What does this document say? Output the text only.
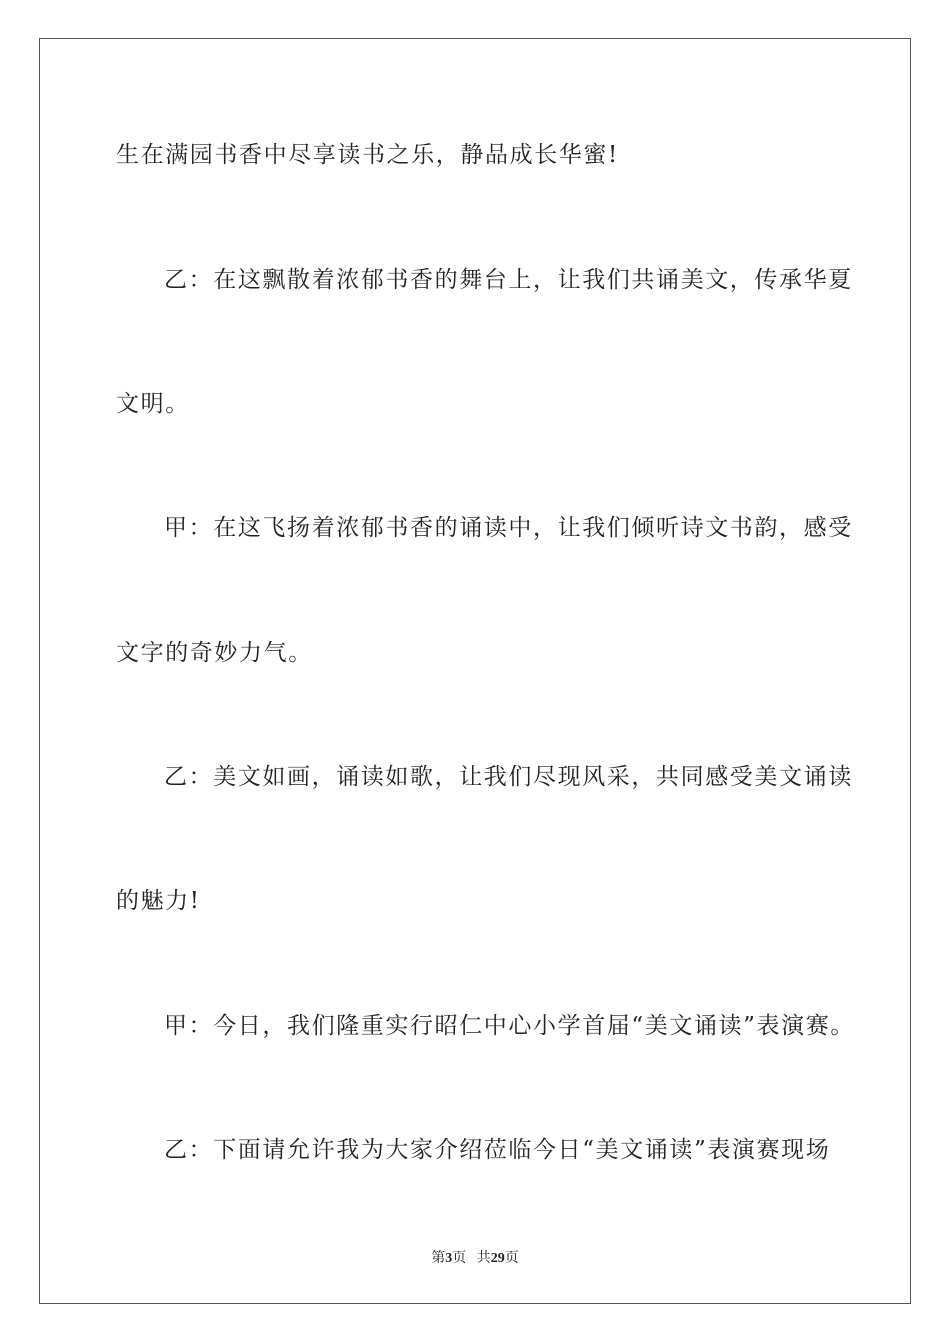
生在满园书香中尽享读书之乐，静品成长华蜜!
乙：在这飘散着浓郁书香的舞台上，让我们共诵美文，传承华夏
文明。
甲：在这飞扬着浓郁书香的诵读中，让我们倾听诗文书韵，感受
文字的奇妙力气。
乙：美文如画，诵读如歌，让我们尽现风采，共同感受美文诵读
的魅力!
甲：今日，我们隆重实行昭仁中心小学首届“美文诵读”表演赛。
乙：下面请允许我为大家介绍莅临今日“美文诵读”表演赛现场
第3页 共29页
